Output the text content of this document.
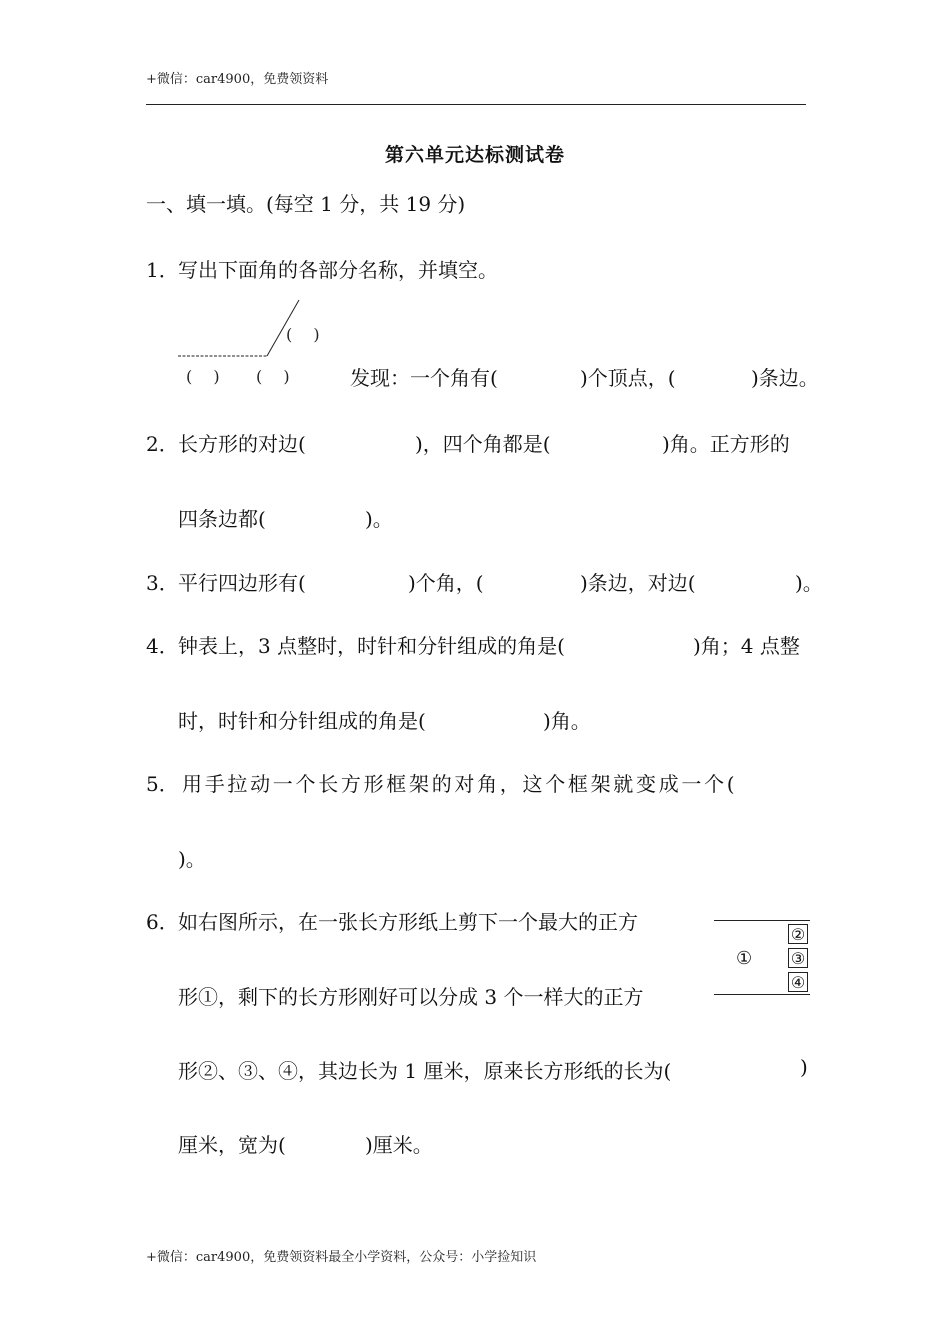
+微信：car4900，免费领资料
第六单元达标测试卷
一、填一填。(每空 1 分，共 19 分)
1． 写出下面角的各部分名称，并填空。
(　 )
(　 ) (　 )	发现：一个角有(	)个顶点，(	)条边。
2． 长方形的对边(	)，四个角都是(	)角。正方形的
四条边都(	)。
3． 平行四边形有(	)个角，(	)条边，对边(	)。
4． 钟表上，3 点整时，时针和分针组成的角是(	)角；4 点整
时，时针和分针组成的角是(	)角。
5． 用手拉动一个长方形框架的对角，这个框架就变成一个(
)。
6． 如右图所示，在一张长方形纸上剪下一个最大的正方
形①，剩下的长方形刚好可以分成 3 个一样大的正方
形②、③、④，其边长为 1 厘米，原来长方形纸的长为(	)
厘米，宽为(	)厘米。
①
②
③
④
+微信：car4900，免费领资料最全小学资料，公众号：小学捡知识
